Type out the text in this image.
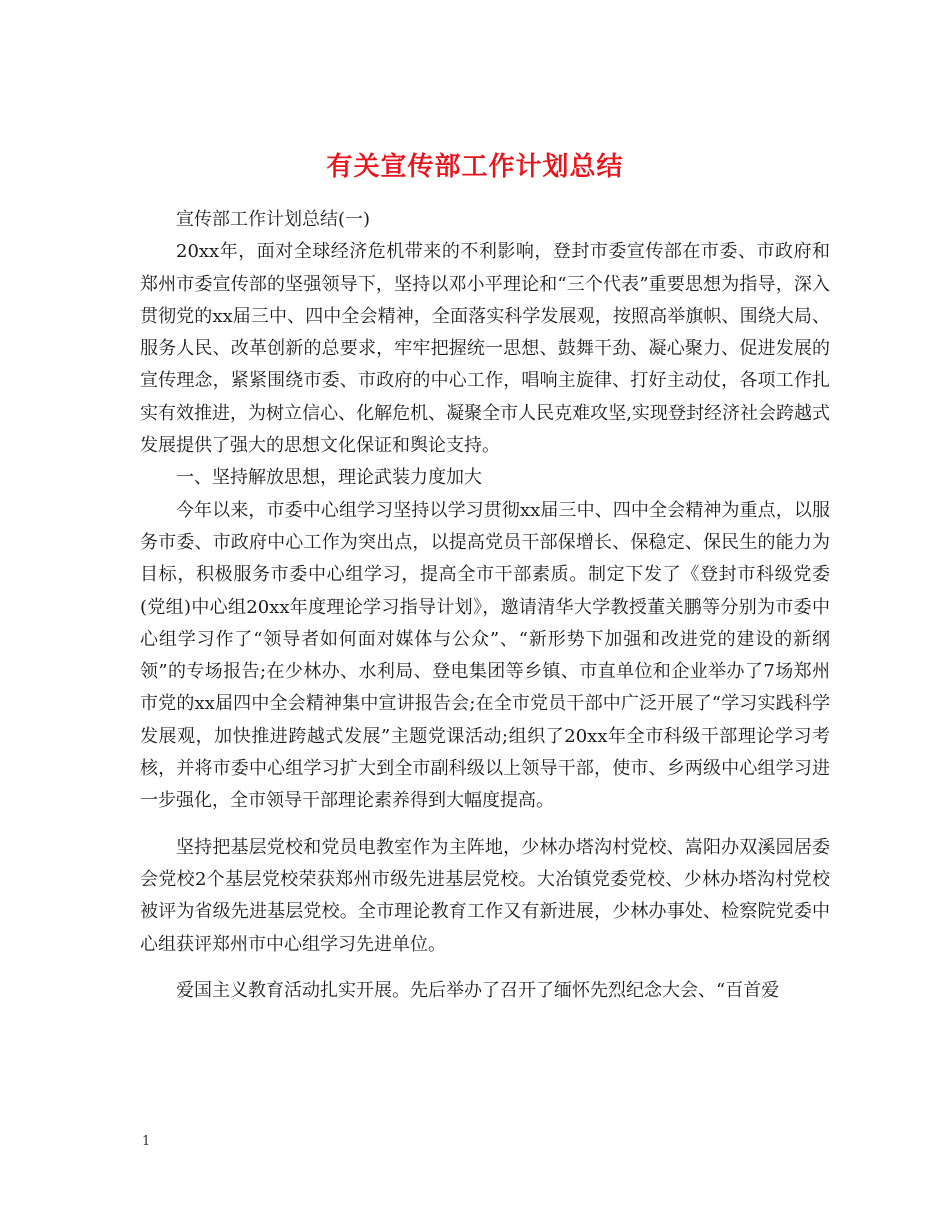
有关宣传部工作计划总结

宣传部工作计划总结(一)

20xx年，面对全球经济危机带来的不利影响，登封市委宣传部在市委、市政府和郑州市委宣传部的坚强领导下，坚持以邓小平理论和“三个代表”重要思想为指导，深入贯彻党的xx届三中、四中全会精神，全面落实科学发展观，按照高举旗帜、围绕大局、服务人民、改革创新的总要求，牢牢把握统一思想、鼓舞干劲、凝心聚力、促进发展的宣传理念，紧紧围绕市委、市政府的中心工作，唱响主旋律、打好主动仗，各项工作扎实有效推进，为树立信心、化解危机、凝聚全市人民克难攻坚,实现登封经济社会跨越式发展提供了强大的思想文化保证和舆论支持。

一、坚持解放思想，理论武装力度加大

今年以来，市委中心组学习坚持以学习贯彻xx届三中、四中全会精神为重点，以服务市委、市政府中心工作为突出点，以提高党员干部保增长、保稳定、保民生的能力为目标，积极服务市委中心组学习，提高全市干部素质。制定下发了《登封市科级党委(党组)中心组20xx年度理论学习指导计划》，邀请清华大学教授董关鹏等分别为市委中心组学习作了“领导者如何面对媒体与公众”、“新形势下加强和改进党的建设的新纲领”的专场报告;在少林办、水利局、登电集团等乡镇、市直单位和企业举办了7场郑州市党的xx届四中全会精神集中宣讲报告会;在全市党员干部中广泛开展了“学习实践科学发展观，加快推进跨越式发展”主题党课活动;组织了20xx年全市科级干部理论学习考核，并将市委中心组学习扩大到全市副科级以上领导干部，使市、乡两级中心组学习进一步强化，全市领导干部理论素养得到大幅度提高。

坚持把基层党校和党员电教室作为主阵地，少林办塔沟村党校、嵩阳办双溪园居委会党校2个基层党校荣获郑州市级先进基层党校。大冶镇党委党校、少林办塔沟村党校被评为省级先进基层党校。全市理论教育工作又有新进展，少林办事处、检察院党委中心组获评郑州市中心组学习先进单位。

爱国主义教育活动扎实开展。先后举办了召开了缅怀先烈纪念大会、“百首爱

1
